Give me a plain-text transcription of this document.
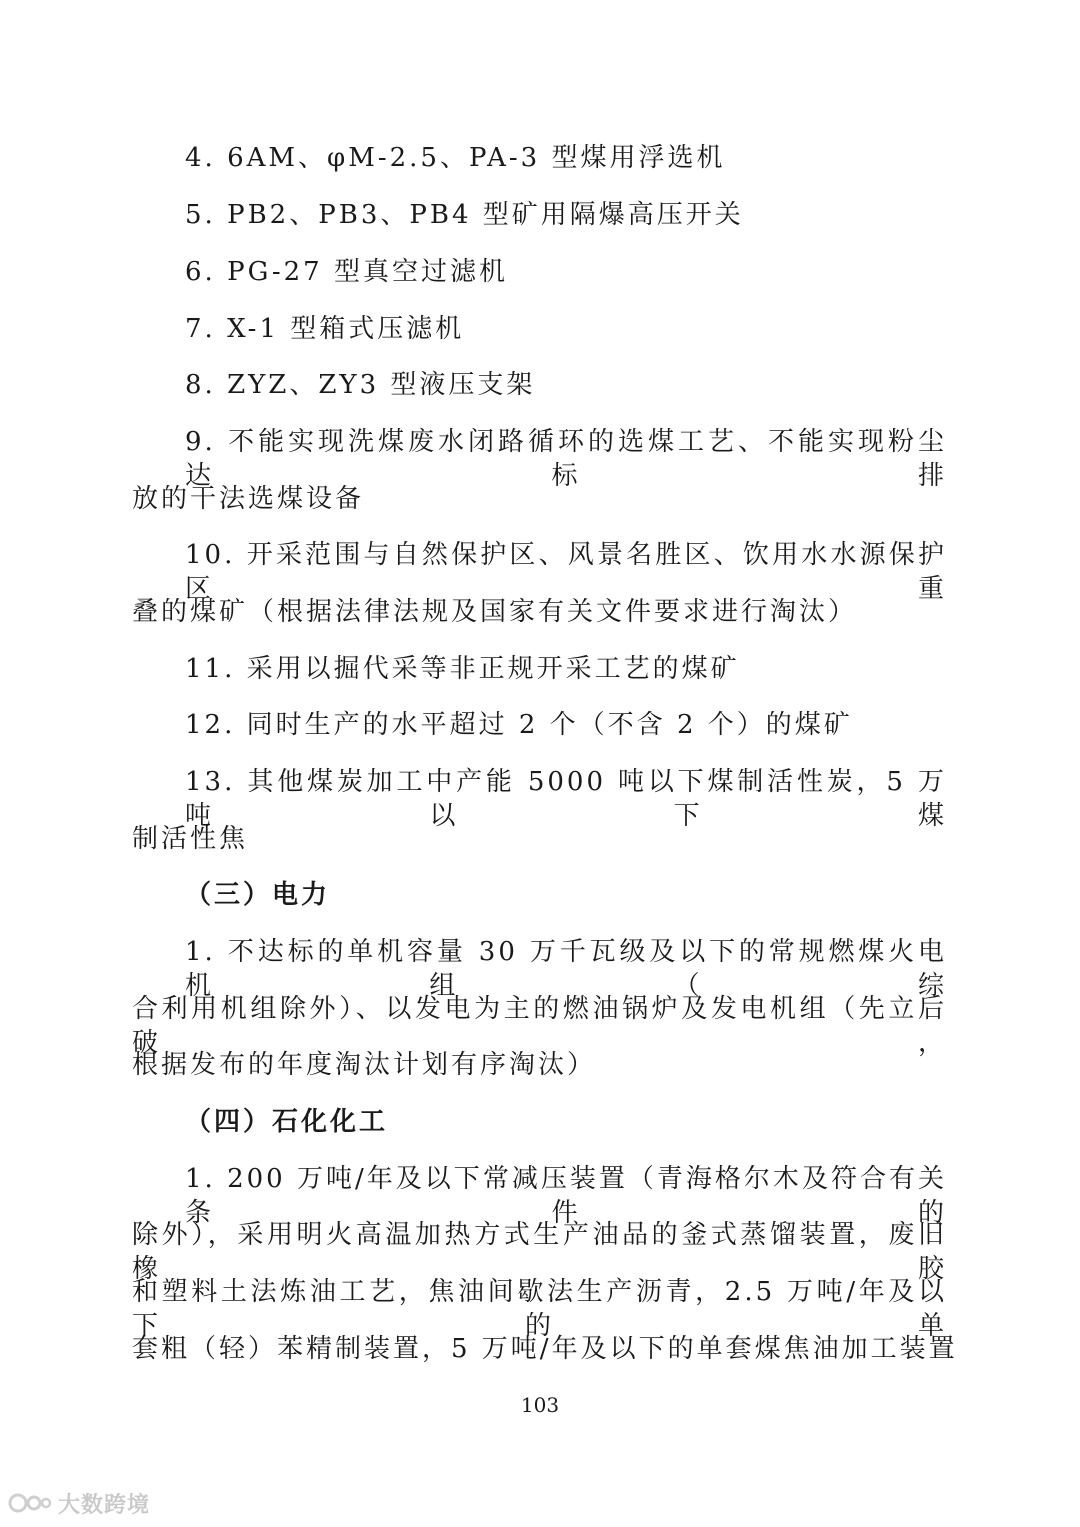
4. 6AM、φM-2.5、PA-3 型煤用浮选机
5. PB2、PB3、PB4 型矿用隔爆高压开关
6. PG-27 型真空过滤机
7. X-1 型箱式压滤机
8. ZYZ、ZY3 型液压支架
9. 不能实现洗煤废水闭路循环的选煤工艺、不能实现粉尘达标排
放的干法选煤设备
10. 开采范围与自然保护区、风景名胜区、饮用水水源保护区重
叠的煤矿（根据法律法规及国家有关文件要求进行淘汰）
11. 采用以掘代采等非正规开采工艺的煤矿
12. 同时生产的水平超过 2 个（不含 2 个）的煤矿
13. 其他煤炭加工中产能 5000 吨以下煤制活性炭，5 万吨以下煤
制活性焦
（三）电力
1. 不达标的单机容量 30 万千瓦级及以下的常规燃煤火电机组（综
合利用机组除外）、以发电为主的燃油锅炉及发电机组（先立后破，
根据发布的年度淘汰计划有序淘汰）
（四）石化化工
1. 200 万吨/年及以下常减压装置（青海格尔木及符合有关条件的
除外），采用明火高温加热方式生产油品的釜式蒸馏装置，废旧橡胶
和塑料土法炼油工艺，焦油间歇法生产沥青，2.5 万吨/年及以下的单
套粗（轻）苯精制装置，5 万吨/年及以下的单套煤焦油加工装置
103
大数跨境
